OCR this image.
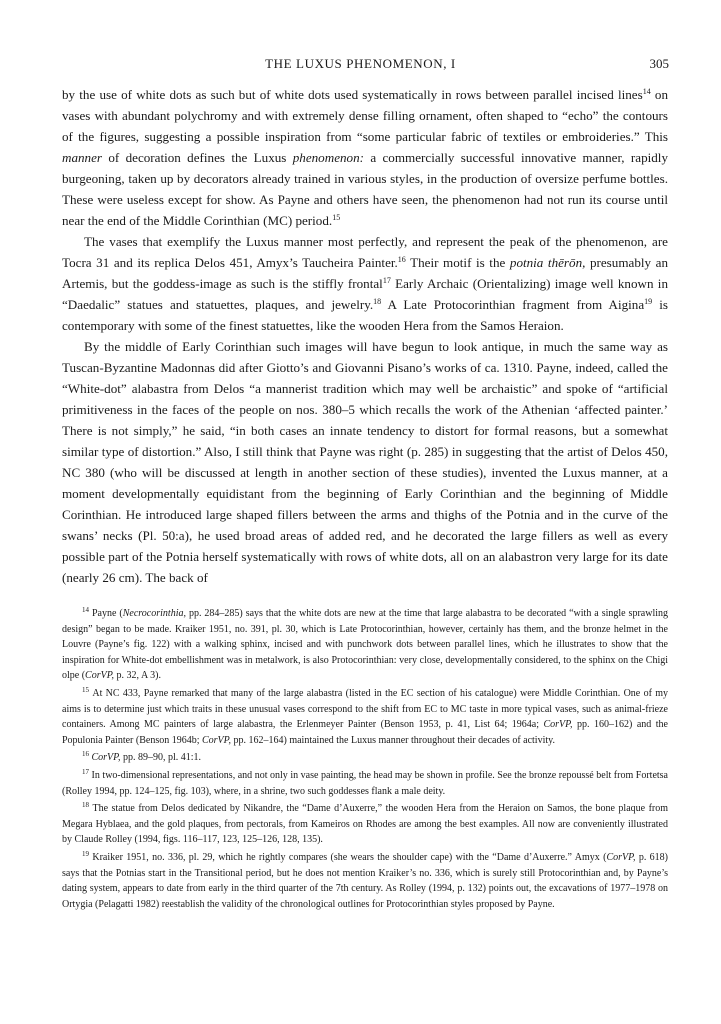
THE LUXUS PHENOMENON, I	305

by the use of white dots as such but of white dots used systematically in rows between parallel incised lines$^{14}$ on vases with abundant polychromy and with extremely dense filling ornament, often shaped to “echo” the contours of the figures, suggesting a possible inspiration from “some particular fabric of textiles or embroideries.” This manner of decoration defines the Luxus phenomenon: a commercially successful innovative manner, rapidly burgeoning, taken up by decorators already trained in various styles, in the production of oversize perfume bottles. These were useless except for show. As Payne and others have seen, the phenomenon had not run its course until near the end of the Middle Corinthian (MC) period.$^{15}$

The vases that exemplify the Luxus manner most perfectly, and represent the peak of the phenomenon, are Tocra 31 and its replica Delos 451, Amyx’s Taucheira Painter.$^{16}$ Their motif is the potnia thērōn, presumably an Artemis, but the goddess-image as such is the stiffly frontal$^{17}$ Early Archaic (Orientalizing) image well known in “Daedalic” statues and statuettes, plaques, and jewelry.$^{18}$ A Late Protocorinthian fragment from Aigina$^{19}$ is contemporary with some of the finest statuettes, like the wooden Hera from the Samos Heraion.

By the middle of Early Corinthian such images will have begun to look antique, in much the same way as Tuscan-Byzantine Madonnas did after Giotto’s and Giovanni Pisano’s works of ca. 1310. Payne, indeed, called the “White-dot” alabastra from Delos “a mannerist tradition which may well be archaistic” and spoke of “artificial primitiveness in the faces of the people on nos. 380–5 which recalls the work of the Athenian ‘affected painter.’ There is not simply,” he said, “in both cases an innate tendency to distort for formal reasons, but a somewhat similar type of distortion.” Also, I still think that Payne was right (p. 285) in suggesting that the artist of Delos 450, NC 380 (who will be discussed at length in another section of these studies), invented the Luxus manner, at a moment developmentally equidistant from the beginning of Early Corinthian and the beginning of Middle Corinthian. He introduced large shaped fillers between the arms and thighs of the Potnia and in the curve of the swans’ necks (Pl. 50:a), he used broad areas of added red, and he decorated the large fillers as well as every possible part of the Potnia herself systematically with rows of white dots, all on an alabastron very large for its date (nearly 26 cm). The back of

$^{14}$ Payne (Necrocorinthia, pp. 284–285) says that the white dots are new at the time that large alabastra to be decorated “with a single sprawling design” began to be made. Kraiker 1951, no. 391, pl. 30, which is Late Protocorinthian, however, certainly has them, and the bronze helmet in the Louvre (Payne’s fig. 122) with a walking sphinx, incised and with punchwork dots between parallel lines, which he illustrates to show that the inspiration for White-dot embellishment was in metalwork, is also Protocorinthian: very close, developmentally considered, to the sphinx on the Chigi olpe (CorVP, p. 32, A 3).

$^{15}$ At NC 433, Payne remarked that many of the large alabastra (listed in the EC section of his catalogue) were Middle Corinthian. One of my aims is to determine just which traits in these unusual vases correspond to the shift from EC to MC taste in more typical vases, such as animal-frieze containers. Among MC painters of large alabastra, the Erlenmeyer Painter (Benson 1953, p. 41, List 64; 1964a; CorVP, pp. 160–162) and the Populonia Painter (Benson 1964b; CorVP, pp. 162–164) maintained the Luxus manner throughout their decades of activity.

$^{16}$ CorVP, pp. 89–90, pl. 41:1.

$^{17}$ In two-dimensional representations, and not only in vase painting, the head may be shown in profile. See the bronze repoussé belt from Fortetsa (Rolley 1994, pp. 124–125, fig. 103), where, in a shrine, two such goddesses flank a male deity.

$^{18}$ The statue from Delos dedicated by Nikandre, the “Dame d’Auxerre,” the wooden Hera from the Heraion on Samos, the bone plaque from Megara Hyblaea, and the gold plaques, from pectorals, from Kameiros on Rhodes are among the best examples. All now are conveniently illustrated by Claude Rolley (1994, figs. 116–117, 123, 125–126, 128, 135).

$^{19}$ Kraiker 1951, no. 336, pl. 29, which he rightly compares (she wears the shoulder cape) with the “Dame d’Auxerre.” Amyx (CorVP, p. 618) says that the Potnias start in the Transitional period, but he does not mention Kraiker’s no. 336, which is surely still Protocorinthian and, by Payne’s dating system, appears to date from early in the third quarter of the 7th century. As Rolley (1994, p. 132) points out, the excavations of 1977–1978 on Ortygia (Pelagatti 1982) reestablish the validity of the chronological outlines for Protocorinthian styles proposed by Payne.
